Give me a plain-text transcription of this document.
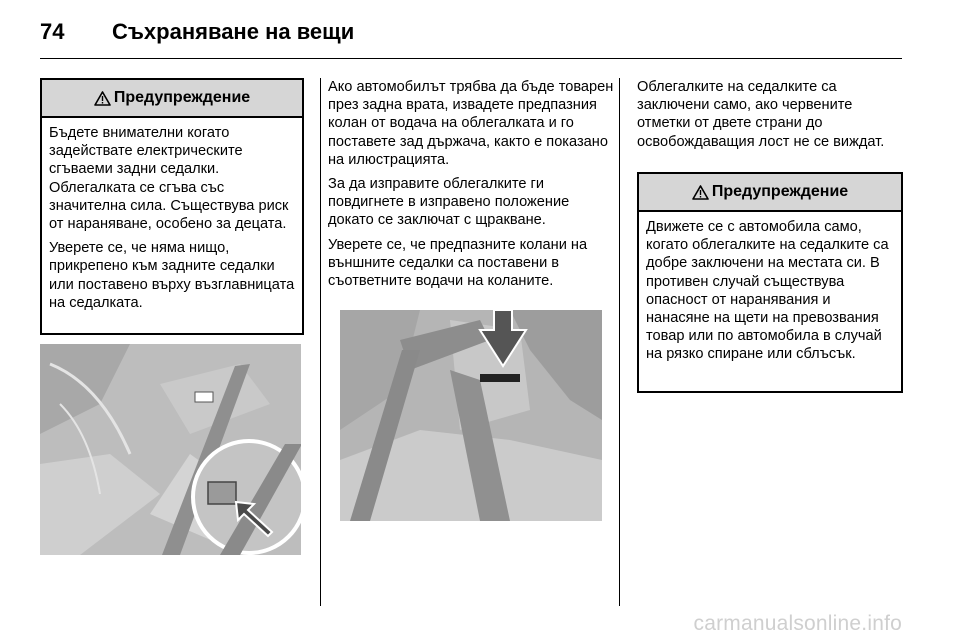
74	Съхраняване на вещи
Предупреждение

Бъдете внимателни когато задействате електрическите сгъваеми задни седалки. Облегалката се сгъва със значителна сила. Съществува риск от нараняване, особено за децата.

Уверете се, че няма нищо, прикрепено към задните седалки или поставено върху възглавницата на седалката.

Ако автомобилът трябва да бъде товарен през задна врата, извадете предпазния колан от водача на облегалката и го поставете зад държача, както е показано на илюстрацията.

За да изправите облегалките ги повдигнете в изправено положение докато се заключат с щракване.

Уверете се, че предпазните колани на външните седалки са поставени в съответните водачи на коланите.

Облегалките на седалките са заключени само, ако червените отметки от двете страни до освобождаващия лост не се виждат.

Предупреждение

Движете се с автомобила само, когато облегалките на седалките са добре заключени на местата си. В противен случай съществува опасност от наранявания и нанасяне на щети на превозвания товар или по автомобила в случай на рязко спиране или сблъсък.

carmanualsonline.info
